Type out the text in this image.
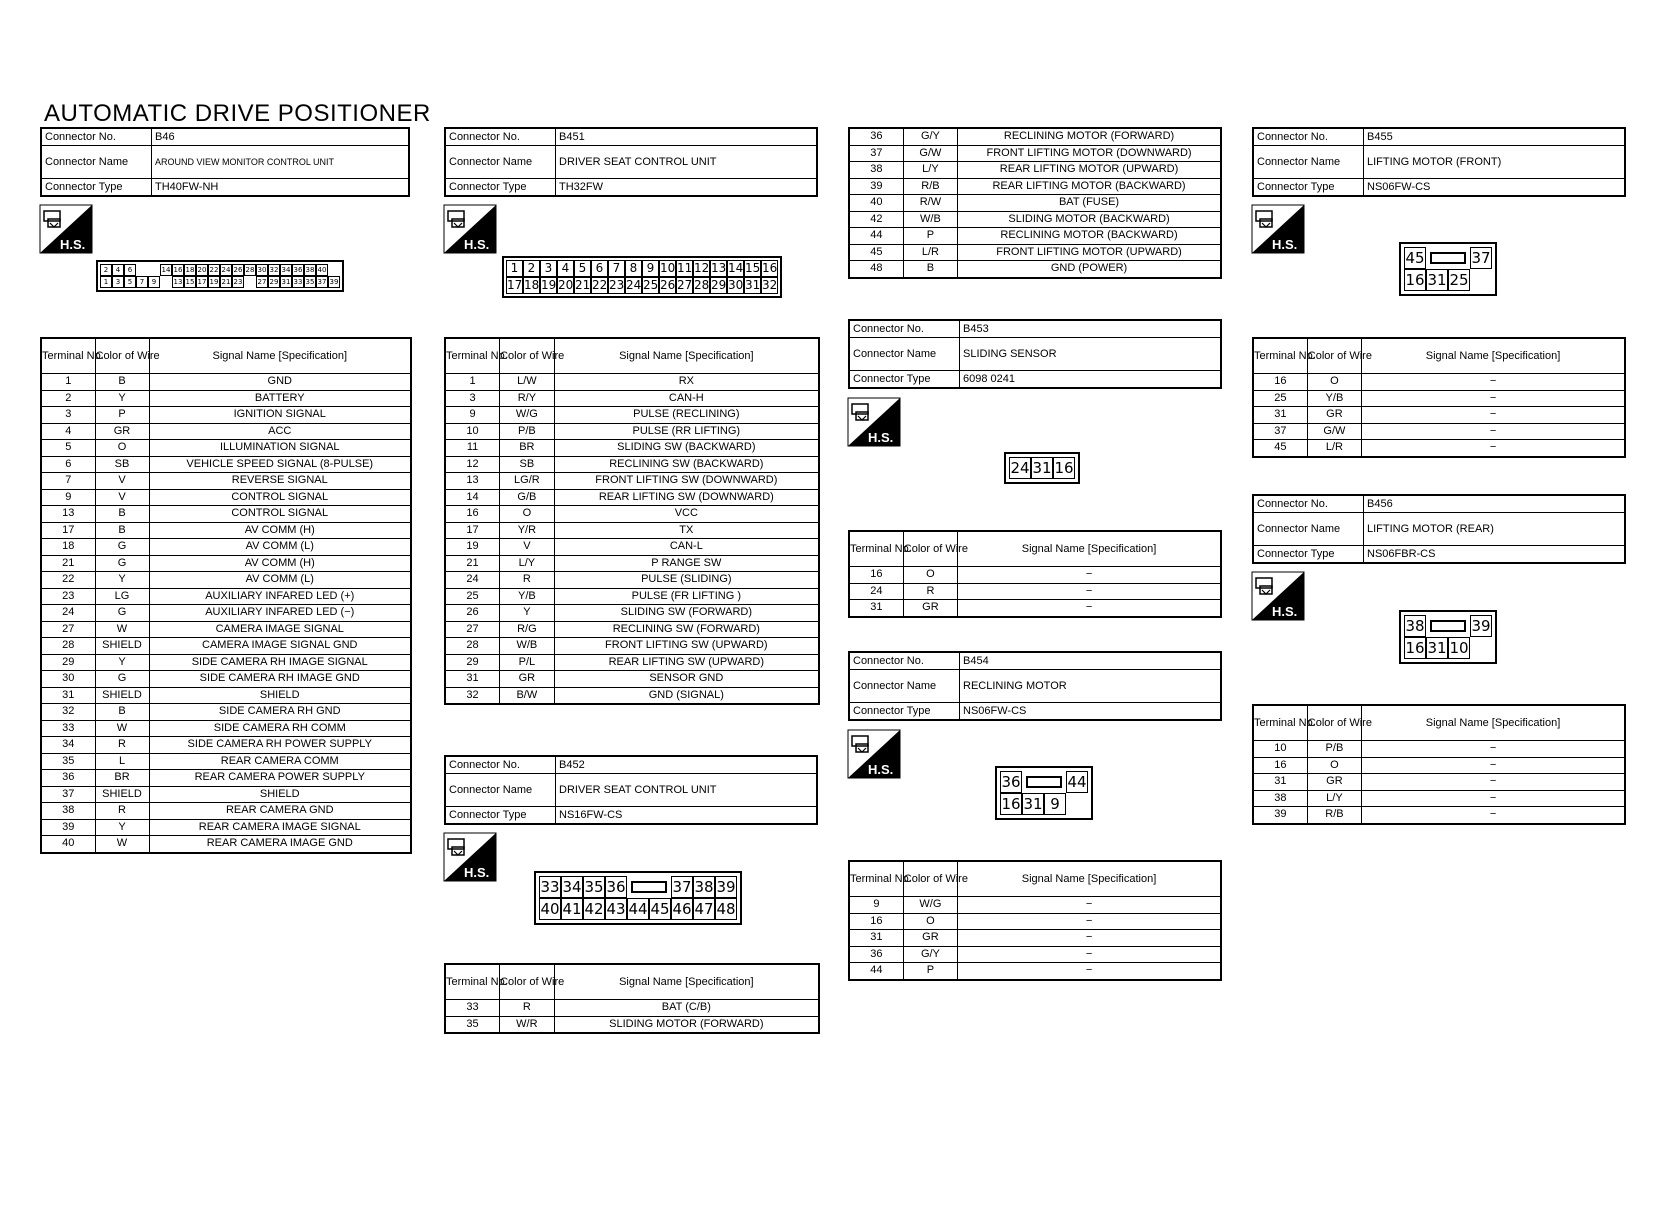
AUTOMATIC DRIVE POSITIONER
Connector No.	B46
Connector Name	AROUND VIEW MONITOR CONTROL UNIT
Connector Type	TH40FW-NH
H.S.
2	4	6	14 16 18 20 22 24 26 28 30 32 34 36 38 40
1	3	5	7	9	13 15 17 19 21 23 27 29 31 33 35 37 39
Terminal No.	Color of Wire	Signal Name [Specification]
1	B	GND
2	Y	BATTERY
3	P	IGNITION SIGNAL
4	GR	ACC
5	O	ILLUMINATION SIGNAL
6	SB	VEHICLE SPEED SIGNAL (8-PULSE)
7	V	REVERSE SIGNAL
9	V	CONTROL SIGNAL
13	B	CONTROL SIGNAL
17	B	AV COMM (H)
18	G	AV COMM (L)
21	G	AV COMM (H)
22	Y	AV COMM (L)
23	LG	AUXILIARY INFARED LED (+)
24	G	AUXILIARY INFARED LED (−)
27	W	CAMERA IMAGE SIGNAL
28	SHIELD	CAMERA IMAGE SIGNAL GND
29	Y	SIDE CAMERA RH IMAGE SIGNAL
30	G	SIDE CAMERA RH IMAGE GND
31	SHIELD	SHIELD
32	B	SIDE CAMERA RH GND
33	W	SIDE CAMERA RH COMM
34	R	SIDE CAMERA RH POWER SUPPLY
35	L	REAR CAMERA COMM
36	BR	REAR CAMERA POWER SUPPLY
37	SHIELD	SHIELD
38	R	REAR CAMERA GND
39	Y	REAR CAMERA IMAGE SIGNAL
40	W	REAR CAMERA IMAGE GND
Connector No.	B451
Connector Name	DRIVER SEAT CONTROL UNIT
Connector Type	TH32FW
H.S.
1 2 3 4 5 6 7 8 9 10 11 12 13 14 15 16
17 18 19 20 21 22 23 24 25 26 27 28 29 30 31 32
Terminal No.	Color of Wire	Signal Name [Specification]
1	L/W	RX
3	R/Y	CAN-H
9	W/G	PULSE (RECLINING)
10	P/B	PULSE (RR LIFTING)
11	BR	SLIDING SW (BACKWARD)
12	SB	RECLINING SW (BACKWARD)
13	LG/R	FRONT LIFTING SW (DOWNWARD)
14	G/B	REAR LIFTING SW (DOWNWARD)
16	O	VCC
17	Y/R	TX
19	V	CAN-L
21	L/Y	P RANGE SW
24	R	PULSE (SLIDING)
25	Y/B	PULSE (FR LIFTING )
26	Y	SLIDING SW (FORWARD)
27	R/G	RECLINING SW (FORWARD)
28	W/B	FRONT LIFTING SW (UPWARD)
29	P/L	REAR LIFTING SW (UPWARD)
31	GR	SENSOR GND
32	B/W	GND (SIGNAL)
Connector No.	B452
Connector Name	DRIVER SEAT CONTROL UNIT
Connector Type	NS16FW-CS
H.S.
33 34 35 36	37 38 39
40 41 42 43 44 45 46 47 48
Terminal No.	Color of Wire	Signal Name [Specification]
33	R	BAT (C/B)
35	W/R	SLIDING MOTOR (FORWARD)
36	G/Y	RECLINING MOTOR (FORWARD)
37	G/W	FRONT LIFTING MOTOR (DOWNWARD)
38	L/Y	REAR LIFTING MOTOR (UPWARD)
39	R/B	REAR LIFTING MOTOR (BACKWARD)
40	R/W	BAT (FUSE)
42	W/B	SLIDING MOTOR (BACKWARD)
44	P	RECLINING MOTOR (BACKWARD)
45	L/R	FRONT LIFTING MOTOR (UPWARD)
48	B	GND (POWER)
Connector No.	B453
Connector Name	SLIDING SENSOR
Connector Type	6098 0241
H.S.
24 31 16
Terminal No.	Color of Wire	Signal Name [Specification]
16	O	−
24	R	−
31	GR	−
Connector No.	B454
Connector Name	RECLINING MOTOR
Connector Type	NS06FW-CS
H.S.
36	44
16 31 9
Terminal No.	Color of Wire	Signal Name [Specification]
9	W/G	−
16	O	−
31	GR	−
36	G/Y	−
44	P	−
Connector No.	B455
Connector Name	LIFTING MOTOR (FRONT)
Connector Type	NS06FW-CS
H.S.
45	37
16 31 25
Terminal No.	Color of Wire	Signal Name [Specification]
16	O	−
25	Y/B	−
31	GR	−
37	G/W	−
45	L/R	−
Connector No.	B456
Connector Name	LIFTING MOTOR (REAR)
Connector Type	NS06FBR-CS
H.S.
38	39
16 31 10
Terminal No.	Color of Wire	Signal Name [Specification]
10	P/B	−
16	O	−
31	GR	−
38	L/Y	−
39	R/B	−
